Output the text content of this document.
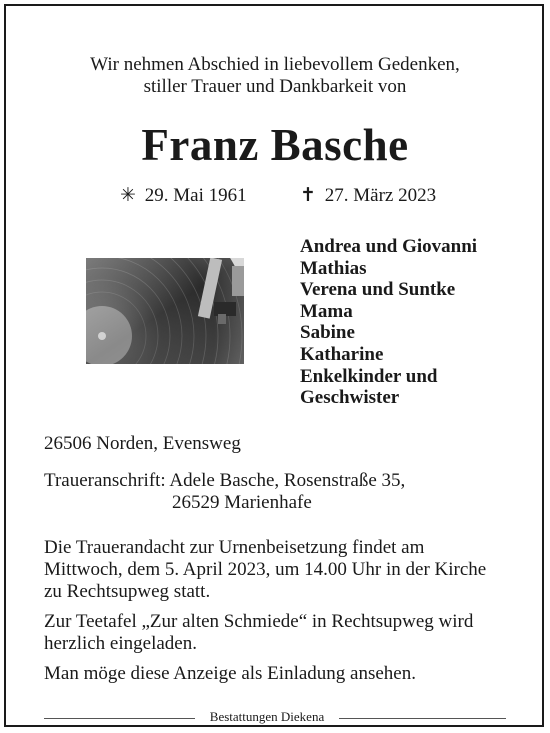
Wir nehmen Abschied in liebevollem Gedenken,
stiller Trauer und Dankbarkeit von
Franz Basche
✳ 29. Mai 1961	✝ 27. März 2023
Andrea und Giovanni
Mathias
Verena und Suntke
Mama
Sabine
Katharine
Enkelkinder und
Geschwister
26506 Norden, Evensweg
Traueranschrift: Adele Basche, Rosenstraße 35,
26529 Marienhafe
Die Trauerandacht zur Urnenbeisetzung findet am
Mittwoch, dem 5. April 2023, um 14.00 Uhr in der Kirche
zu Rechtsupweg statt.
Zur Teetafel „Zur alten Schmiede“ in Rechtsupweg wird
herzlich eingeladen.
Man möge diese Anzeige als Einladung ansehen.
Bestattungen Diekena
